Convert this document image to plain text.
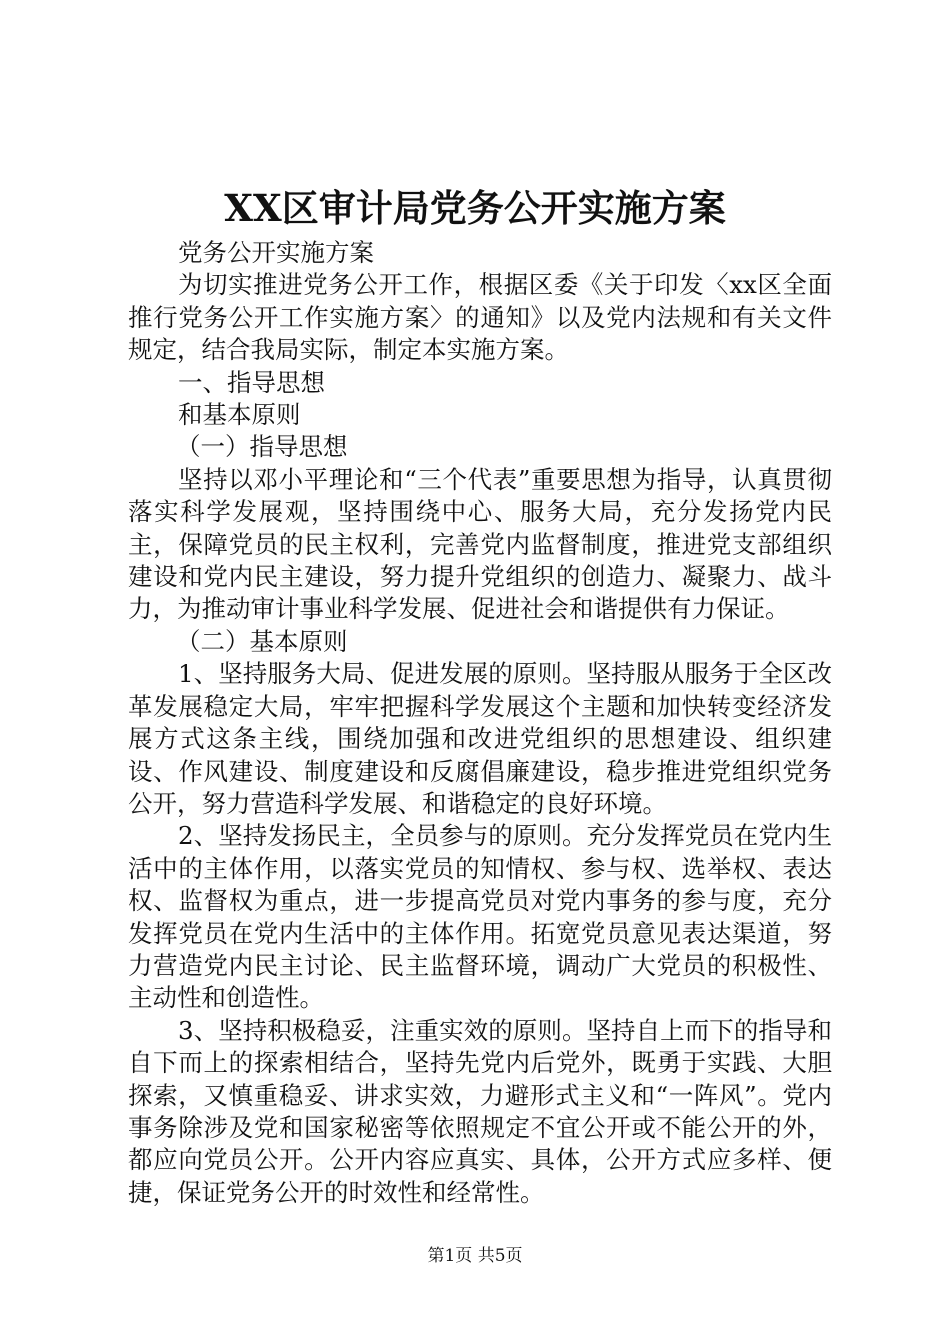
XX区审计局党务公开实施方案

党务公开实施方案

为切实推进党务公开工作，根据区委《关于印发〈xx区全面推行党务公开工作实施方案〉的通知》以及党内法规和有关文件规定，结合我局实际，制定本实施方案。

一、指导思想

和基本原则

（一）指导思想

坚持以邓小平理论和“三个代表”重要思想为指导，认真贯彻落实科学发展观，坚持围绕中心、服务大局，充分发扬党内民主，保障党员的民主权利，完善党内监督制度，推进党支部组织建设和党内民主建设，努力提升党组织的创造力、凝聚力、战斗力，为推动审计事业科学发展、促进社会和谐提供有力保证。

（二）基本原则

1、坚持服务大局、促进发展的原则。坚持服从服务于全区改革发展稳定大局，牢牢把握科学发展这个主题和加快转变经济发展方式这条主线，围绕加强和改进党组织的思想建设、组织建设、作风建设、制度建设和反腐倡廉建设，稳步推进党组织党务公开，努力营造科学发展、和谐稳定的良好环境。

2、坚持发扬民主，全员参与的原则。充分发挥党员在党内生活中的主体作用，以落实党员的知情权、参与权、选举权、表达权、监督权为重点，进一步提高党员对党内事务的参与度，充分发挥党员在党内生活中的主体作用。拓宽党员意见表达渠道，努力营造党内民主讨论、民主监督环境，调动广大党员的积极性、主动性和创造性。

3、坚持积极稳妥，注重实效的原则。坚持自上而下的指导和自下而上的探索相结合，坚持先党内后党外，既勇于实践、大胆探索，又慎重稳妥、讲求实效，力避形式主义和“一阵风”。党内事务除涉及党和国家秘密等依照规定不宜公开或不能公开的外，都应向党员公开。公开内容应真实、具体，公开方式应多样、便捷，保证党务公开的时效性和经常性。

第1页 共5页
